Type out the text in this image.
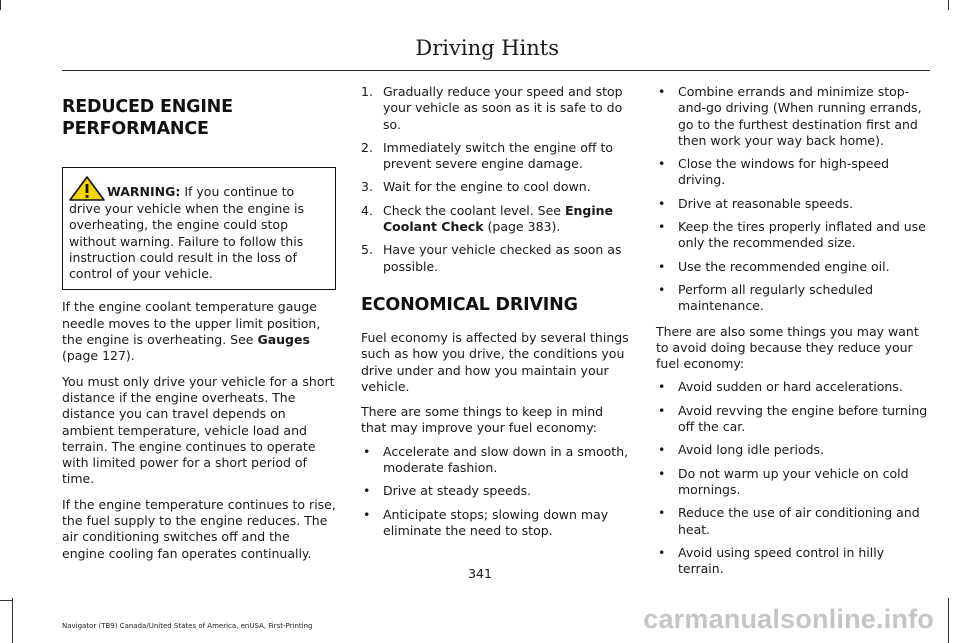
Driving Hints
REDUCED ENGINE PERFORMANCE

WARNING: If you continue to drive your vehicle when the engine is overheating, the engine could stop without warning. Failure to follow this instruction could result in the loss of control of your vehicle.

If the engine coolant temperature gauge needle moves to the upper limit position, the engine is overheating. See Gauges (page 127).

You must only drive your vehicle for a short distance if the engine overheats. The distance you can travel depends on ambient temperature, vehicle load and terrain. The engine continues to operate with limited power for a short period of time.

If the engine temperature continues to rise, the fuel supply to the engine reduces. The air conditioning switches off and the engine cooling fan operates continually.

1. Gradually reduce your speed and stop your vehicle as soon as it is safe to do so.
2. Immediately switch the engine off to prevent severe engine damage.
3. Wait for the engine to cool down.
4. Check the coolant level. See Engine Coolant Check (page 383).
5. Have your vehicle checked as soon as possible.
ECONOMICAL DRIVING

Fuel economy is affected by several things such as how you drive, the conditions you drive under and how you maintain your vehicle.

There are some things to keep in mind that may improve your fuel economy:

• Accelerate and slow down in a smooth, moderate fashion.
• Drive at steady speeds.
• Anticipate stops; slowing down may eliminate the need to stop.
• Combine errands and minimize stop-and-go driving (When running errands, go to the furthest destination first and then work your way back home).
• Close the windows for high-speed driving.
• Drive at reasonable speeds.
• Keep the tires properly inflated and use only the recommended size.
• Use the recommended engine oil.
• Perform all regularly scheduled maintenance.

There are also some things you may want to avoid doing because they reduce your fuel economy:

• Avoid sudden or hard accelerations.
• Avoid revving the engine before turning off the car.
• Avoid long idle periods.
• Do not warm up your vehicle on cold mornings.
• Reduce the use of air conditioning and heat.
• Avoid using speed control in hilly terrain.
341
Navigator (TB9) Canada/United States of America, enUSA, First-Printing	carmanualsonline.info
